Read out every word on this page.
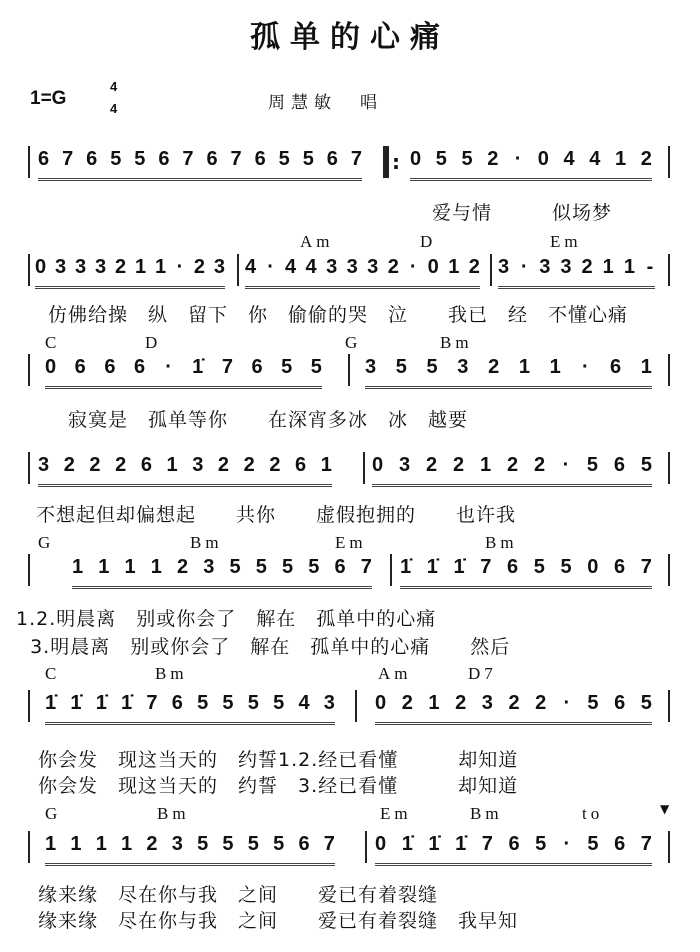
孤单的心痛
1=G
4
4	周慧敏　唱
▼
:
6 7 6 5 5 6 7 6 7 6 5 5 6 7 0 5 5 2 · 0 4 4 1 2
爱与情　　　似场梦
0 3 3 3 2 1 1 · 2 3 4 · 4 4 3 3 3 2 · 0 1 2
Am	D
3 · 3 3 2 1 1 -
Em
仿佛给操　纵　留下　你　偷偷的哭　泣　　我已　经　不懂心痛
0 6 6 6 · 1̇ 7 6 5 5
C	D
3 5 5 3 2 1 1 · 6 1
G	Bm
寂寞是　孤单等你　　在深宵多冰　冰　越要
3 2 2 2 6 1 3 2 2 2 6 1 0 3 2 2 1 2 2 · 5 6 5
不想起但却偏想起　　共你　　虚假抱拥的　　也许我
1 1 1 1 2 3 5 5 5 5 6 7
G	Bm	Em
1̇ 1̇ 1̇ 7 6 5 5 0 6 7
Bm
1.2.明晨离　别或你会了　解在　孤单中的心痛
3.明晨离　别或你会了　解在　孤单中的心痛　　然后
1̇ 1̇ 1̇ 1̇ 7 6 5 5 5 5 4 3
C	Bm
0 2 1 2 3 2 2 · 5 6 5
Am	D7
你会发　现这当天的　约誓1.2.经已看懂　　　却知道
你会发　现这当天的　约誓　3.经已看懂　　　却知道
1 1 1 1 2 3 5 5 5 5 6 7
G	Bm
0 1̇ 1̇ 1̇ 7 6 5 · 5 6 7
Em	Bm	to
缘来缘　尽在你与我　之间　　爱已有着裂缝
缘来缘　尽在你与我　之间　　爱已有着裂缝　我早知
